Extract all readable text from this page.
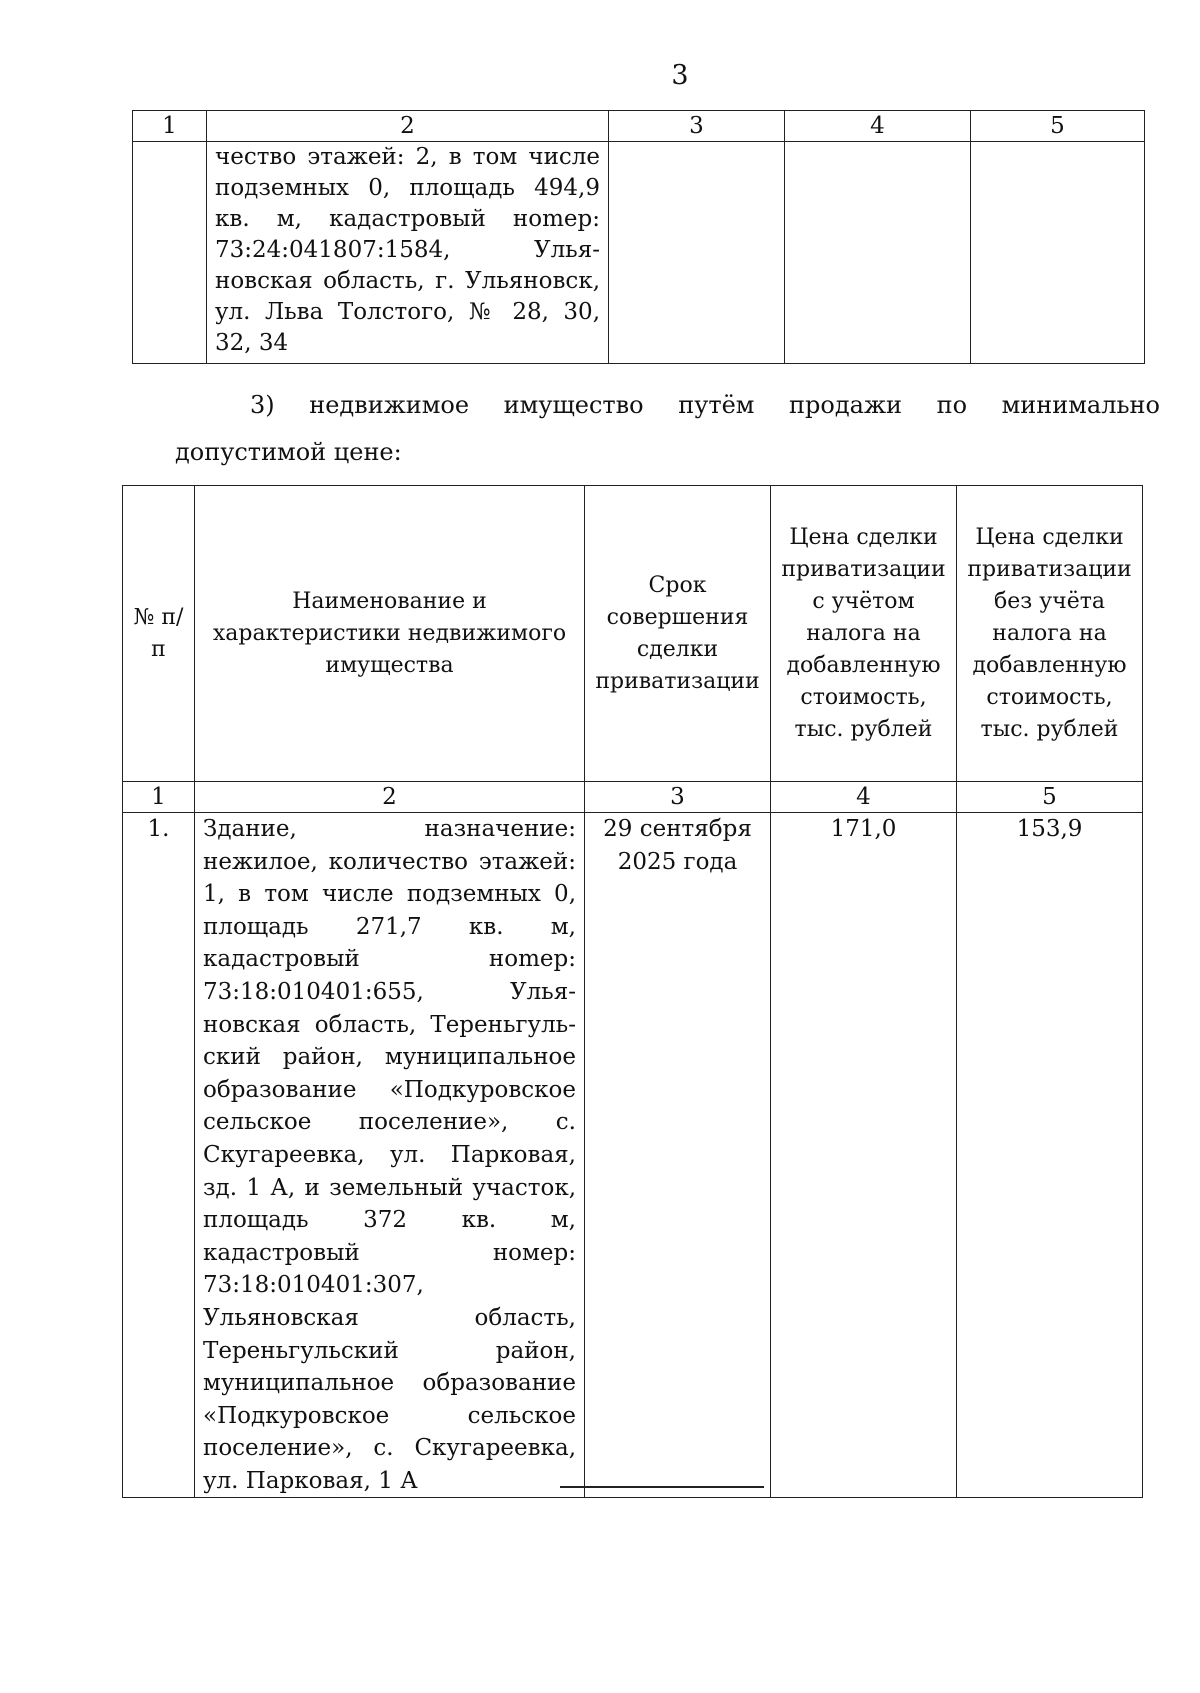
3
1	2	3	4	5
	чество этажей: 2, в том числе подземных 0, площадь 494,9 кв. м, кадастровый ноmер: 73:24:041807:1584, Ульяновская область, г. Ульяновск, ул. Льва Толстого, № 28, 30, 32, 34			
3) недвижимое имущество путём продажи по минимально
допустимой цене:
№ п/п	Наименование и характеристики недвижимого имущества	Срок совершения сделки приватизации	Цена сделки приватизации с учётом налога на добавленную стоимость, тыс. рублей	Цена сделки приватизации без учёта налога на добавленную стоимость, тыс. рублей
1	2	3	4	5
1.	Здание, назначение: нежилое, количество этажей: 1, в том числе подземных 0, площадь 271,7 кв. м, кадастровый ноmер: 73:18:010401:655, Ульяновская область, Тереньгульский район, муниципальное образование «Подкуровское сельское поселение», с. Скугареевка, ул. Парковая, зд. 1 А, и земельный участок, площадь 372 кв. м, кадастровый номер: 73:18:010401:307, Ульяновская область, Тереньгульский район, муниципальное образование «Подкуровское сельское поселение», с. Скугареевка, ул. Парковая, 1 А	29 сентября 2025 года	171,0	153,9
